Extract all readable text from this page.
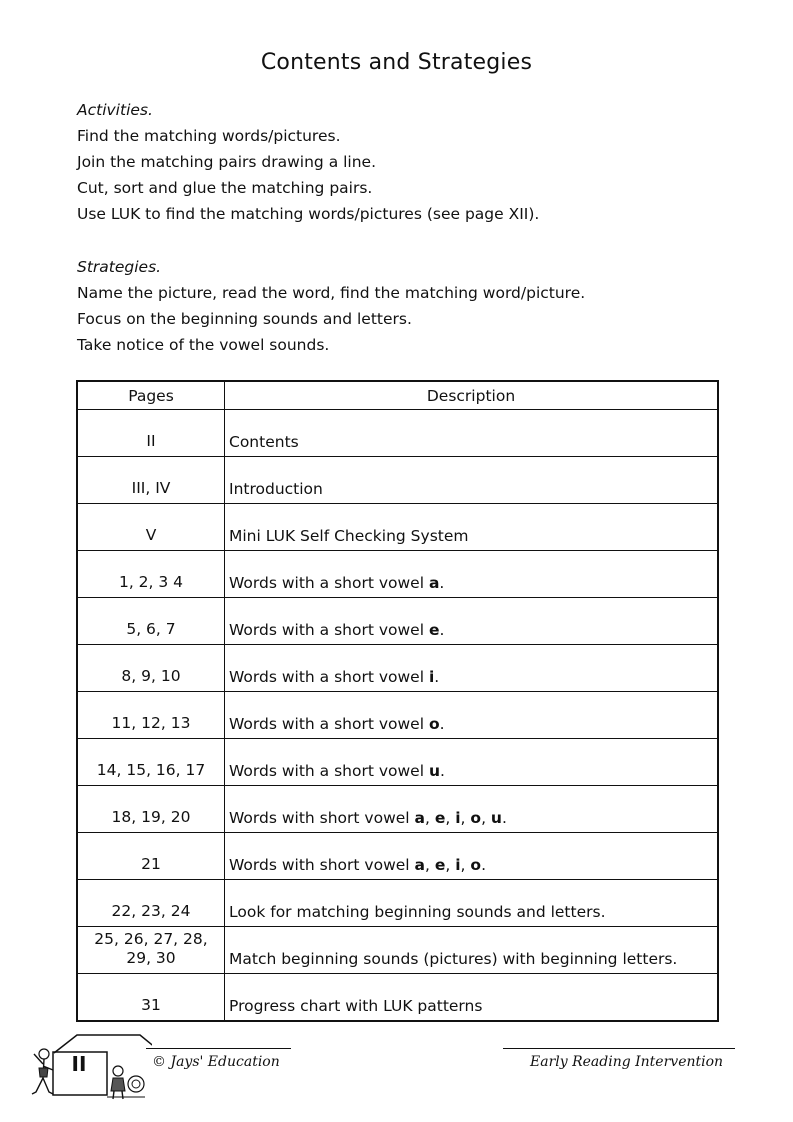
Contents and Strategies
Activities.
Find the matching words/pictures.
Join the matching pairs drawing a line.
Cut, sort and glue the matching pairs.
Use LUK to find the matching words/pictures (see page XII).
Strategies.
Name the picture, read the word, find the matching word/picture.
Focus on the beginning sounds and letters.
Take notice of the vowel sounds.
Pages	Description
II	Contents
III, IV	Introduction
V	Mini LUK Self Checking System
1, 2, 3 4	Words with a short vowel a.
5, 6, 7	Words with a short vowel e.
8, 9, 10	Words with a short vowel i.
11, 12, 13	Words with a short vowel o.
14, 15, 16, 17	Words with a short vowel u.
18, 19, 20	Words with short vowel a, e, i, o, u.
21	Words with short vowel a, e, i, o.
22, 23, 24	Look for matching beginning sounds and letters.
25, 26, 27, 28,
29, 30	Match beginning sounds (pictures) with beginning letters.
31	Progress chart with LUK patterns
II	© Jays' Education	Early Reading Intervention
